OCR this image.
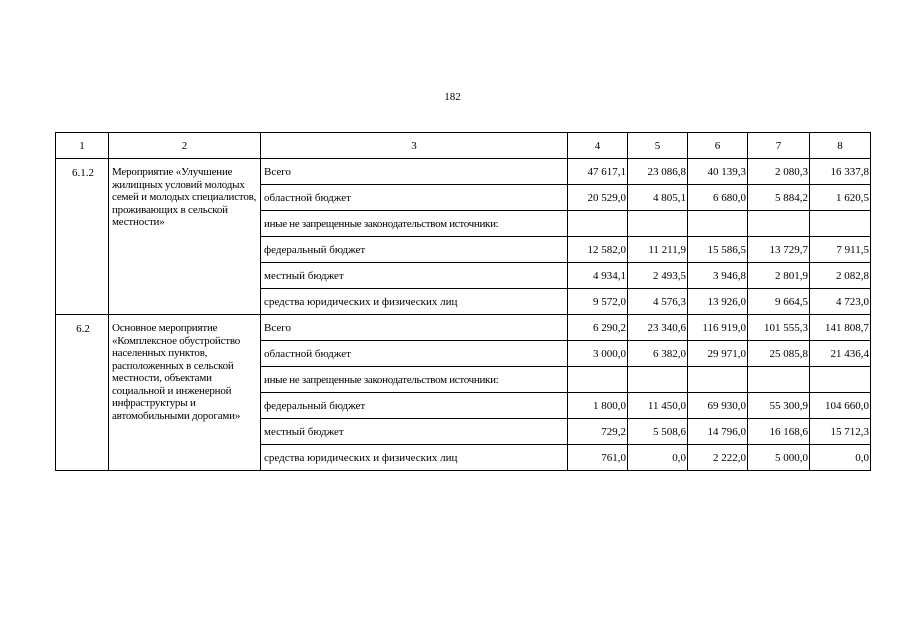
182
1	2	3	4	5	6	7	8
6.1.2	Мероприятие «Улучшение жилищных условий молодых семей и молодых специалистов, проживающих в сельской местности»	Всего	47 617,1	23 086,8	40 139,3	2 080,3	16 337,8
		областной бюджет	20 529,0	4 805,1	6 680,0	5 884,2	1 620,5
		иные не запрещенные законодательством источники:					
		федеральный бюджет	12 582,0	11 211,9	15 586,5	13 729,7	7 911,5
		местный бюджет	4 934,1	2 493,5	3 946,8	2 801,9	2 082,8
		средства юридических и физических лиц	9 572,0	4 576,3	13 926,0	9 664,5	4 723,0
6.2	Основное мероприятие «Комплексное обустройство населенных пунктов, расположенных в сельской местности, объектами социальной и инженерной инфраструктуры и автомобильными дорогами»	Всего	6 290,2	23 340,6	116 919,0	101 555,3	141 808,7
		областной бюджет	3 000,0	6 382,0	29 971,0	25 085,8	21 436,4
		иные не запрещенные законодательством источники:					
		федеральный бюджет	1 800,0	11 450,0	69 930,0	55 300,9	104 660,0
		местный бюджет	729,2	5 508,6	14 796,0	16 168,6	15 712,3
		средства юридических и физических лиц	761,0	0,0	2 222,0	5 000,0	0,0
